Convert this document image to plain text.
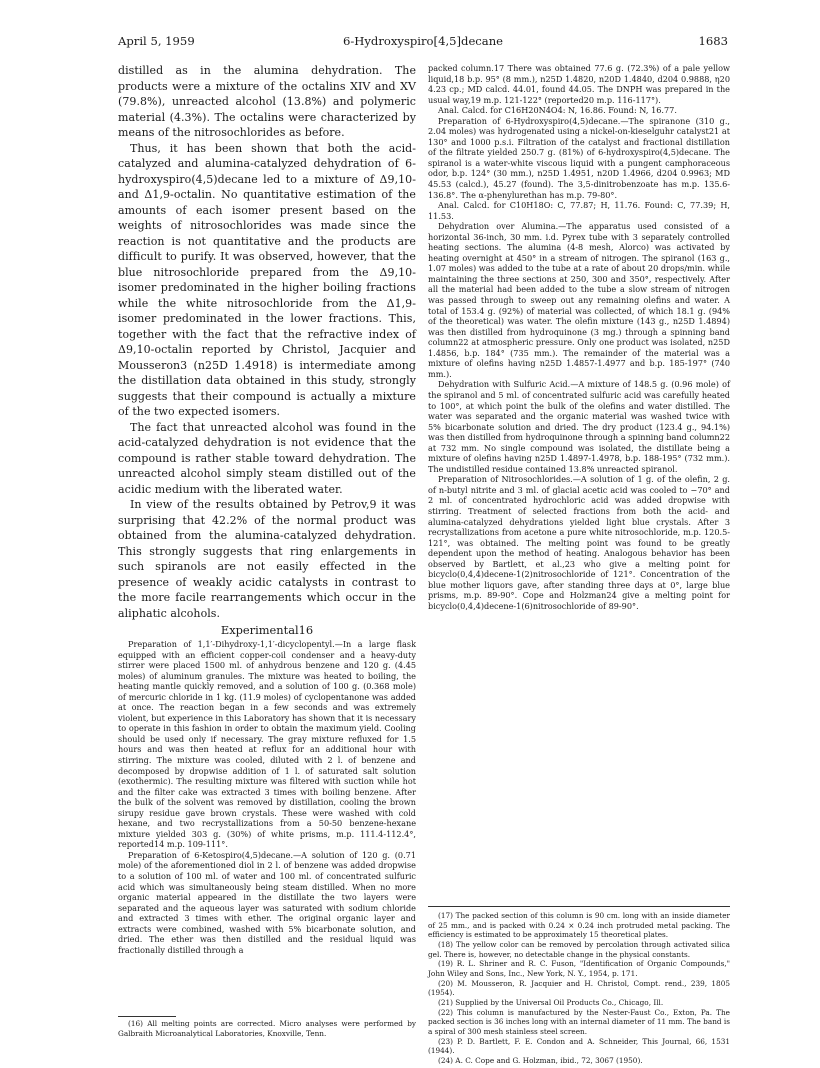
April 5, 1959	6-Hydroxyspiro[4,5]decane	1683

distilled as in the alumina dehydration. The products were a mixture of the octalins XIV and XV (79.8%), unreacted alcohol (13.8%) and polymeric material (4.3%). The octalins were characterized by means of the nitrosochlorides as before.

Thus, it has been shown that both the acid-catalyzed and alumina-catalyzed dehydration of 6-hydroxyspiro(4,5)decane led to a mixture of Δ9,10- and Δ1,9-octalin. No quantitative estimation of the amounts of each isomer present based on the weights of nitrosochlorides was made since the reaction is not quantitative and the products are difficult to purify. It was observed, however, that the blue nitrosochloride prepared from the Δ9,10-isomer predominated in the higher boiling fractions while the white nitrosochloride from the Δ1,9-isomer predominated in the lower fractions. This, together with the fact that the refractive index of Δ9,10-octalin reported by Christol, Jacquier and Mousseron3 (n25D 1.4918) is intermediate among the distillation data obtained in this study, strongly suggests that their compound is actually a mixture of the two expected isomers.

The fact that unreacted alcohol was found in the acid-catalyzed dehydration is not evidence that the compound is rather stable toward dehydration. The unreacted alcohol simply steam distilled out of the acidic medium with the liberated water.

In view of the results obtained by Petrov,9 it was surprising that 42.2% of the normal product was obtained from the alumina-catalyzed dehydration. This strongly suggests that ring enlargements in such spiranols are not easily effected in the presence of weakly acidic catalysts in contrast to the more facile rearrangements which occur in the aliphatic alcohols.

Experimental16

Preparation of 1,1′-Dihydroxy-1,1′-dicyclopentyl.—In a large flask equipped with an efficient copper-coil condenser and a heavy-duty stirrer were placed 1500 ml. of anhydrous benzene and 120 g. (4.45 moles) of aluminum granules. The mixture was heated to boiling, the heating mantle quickly removed, and a solution of 100 g. (0.368 mole) of mercuric chloride in 1 kg. (11.9 moles) of cyclopentanone was added at once. The reaction began in a few seconds and was extremely violent, but experience in this Laboratory has shown that it is necessary to operate in this fashion in order to obtain the maximum yield. Cooling should be used only if necessary. The gray mixture refluxed for 1.5 hours and was then heated at reflux for an additional hour with stirring. The mixture was cooled, diluted with 2 l. of benzene and decomposed by dropwise addition of 1 l. of saturated salt solution (exothermic). The resulting mixture was filtered with suction while hot and the filter cake was extracted 3 times with boiling benzene. After the bulk of the solvent was removed by distillation, cooling the brown sirupy residue gave brown crystals. These were washed with cold hexane, and two recrystallizations from a 50-50 benzene-hexane mixture yielded 303 g. (30%) of white prisms, m.p. 111.4-112.4°, reported14 m.p. 109-111°.

Preparation of 6-Ketospiro(4,5)decane.—A solution of 120 g. (0.71 mole) of the aforementioned diol in 2 l. of benzene was added dropwise to a solution of 100 ml. of water and 100 ml. of concentrated sulfuric acid which was simultaneously being steam distilled. When no more organic material appeared in the distillate the two layers were separated and the aqueous layer was saturated with sodium chloride and extracted 3 times with ether. The original organic layer and extracts were combined, washed with 5% bicarbonate solution, and dried. The ether was then distilled and the residual liquid was fractionally distilled through a

(16) All melting points are corrected. Micro analyses were performed by Galbraith Microanalytical Laboratories, Knoxville, Tenn.

packed column.17 There was obtained 77.6 g. (72.3%) of a pale yellow liquid,18 b.p. 95° (8 mm.), n25D 1.4820, n20D 1.4840, d204 0.9888, η20 4.23 cp.; MD calcd. 44.01, found 44.05. The DNPH was prepared in the usual way,19 m.p. 121-122° (reported20 m.p. 116-117°).

Anal. Calcd. for C16H20N4O4: N, 16.86. Found: N, 16.77.

Preparation of 6-Hydroxyspiro(4,5)decane.—The spiranone (310 g., 2.04 moles) was hydrogenated using a nickel-on-kieselguhr catalyst21 at 130° and 1000 p.s.i. Filtration of the catalyst and fractional distillation of the filtrate yielded 250.7 g. (81%) of 6-hydroxyspiro(4,5)decane. The spiranol is a water-white viscous liquid with a pungent camphoraceous odor, b.p. 124° (30 mm.), n25D 1.4951, n20D 1.4966, d204 0.9963; MD 45.53 (calcd.), 45.27 (found). The 3,5-dinitrobenzoate has m.p. 135.6-136.8°. The α-phenylurethan has m.p. 79-80°.

Anal. Calcd. for C10H18O: C, 77.87; H, 11.76. Found: C, 77.39; H, 11.53.

Dehydration over Alumina.—The apparatus used consisted of a horizontal 36-inch, 30 mm. i.d. Pyrex tube with 3 separately controlled heating sections. The alumina (4-8 mesh, Alorco) was activated by heating overnight at 450° in a stream of nitrogen. The spiranol (163 g., 1.07 moles) was added to the tube at a rate of about 20 drops/min. while maintaining the three sections at 250, 300 and 350°, respectively. After all the material had been added to the tube a slow stream of nitrogen was passed through to sweep out any remaining olefins and water. A total of 153.4 g. (92%) of material was collected, of which 18.1 g. (94% of the theoretical) was water. The olefin mixture (143 g., n25D 1.4894) was then distilled from hydroquinone (3 mg.) through a spinning band column22 at atmospheric pressure. Only one product was isolated, n25D 1.4856, b.p. 184° (735 mm.). The remainder of the material was a mixture of olefins having n25D 1.4857-1.4977 and b.p. 185-197° (740 mm.).

Dehydration with Sulfuric Acid.—A mixture of 148.5 g. (0.96 mole) of the spiranol and 5 ml. of concentrated sulfuric acid was carefully heated to 100°, at which point the bulk of the olefins and water distilled. The water was separated and the organic material was washed twice with 5% bicarbonate solution and dried. The dry product (123.4 g., 94.1%) was then distilled from hydroquinone through a spinning band column22 at 732 mm. No single compound was isolated, the distillate being a mixture of olefins having n25D 1.4897-1.4978, b.p. 188-195° (732 mm.). The undistilled residue contained 13.8% unreacted spiranol.

Preparation of Nitrosochlorides.—A solution of 1 g. of the olefin, 2 g. of n-butyl nitrite and 3 ml. of glacial acetic acid was cooled to −70° and 2 ml. of concentrated hydrochloric acid was added dropwise with stirring. Treatment of selected fractions from both the acid- and alumina-catalyzed dehydrations yielded light blue crystals. After 3 recrystallizations from acetone a pure white nitrosochloride, m.p. 120.5-121°, was obtained. The melting point was found to be greatly dependent upon the method of heating. Analogous behavior has been observed by Bartlett, et al.,23 who give a melting point for bicyclo(0,4,4)decene-1(2)nitrosochloride of 121°. Concentration of the blue mother liquors gave, after standing three days at 0°, large blue prisms, m.p. 89-90°. Cope and Holzman24 give a melting point for bicyclo(0,4,4)decene-1(6)nitrosochloride of 89-90°.

(17) The packed section of this column is 90 cm. long with an inside diameter of 25 mm., and is packed with 0.24 × 0.24 inch protruded metal packing. The efficiency is estimated to be approximately 15 theoretical plates.

(18) The yellow color can be removed by percolation through activated silica gel. There is, however, no detectable change in the physical constants.

(19) R. L. Shriner and R. C. Fuson, "Identification of Organic Compounds," John Wiley and Sons, Inc., New York, N. Y., 1954, p. 171.

(20) M. Mousseron, R. Jacquier and H. Christol, Compt. rend., 239, 1805 (1954).

(21) Supplied by the Universal Oil Products Co., Chicago, Ill.

(22) This column is manufactured by the Nester-Faust Co., Exton, Pa. The packed section is 36 inches long with an internal diameter of 11 mm. The band is a spiral of 300 mesh stainless steel screen.

(23) P. D. Bartlett, F. E. Condon and A. Schneider, This Journal, 66, 1531 (1944).

(24) A. C. Cope and G. Holzman, ibid., 72, 3067 (1950).
